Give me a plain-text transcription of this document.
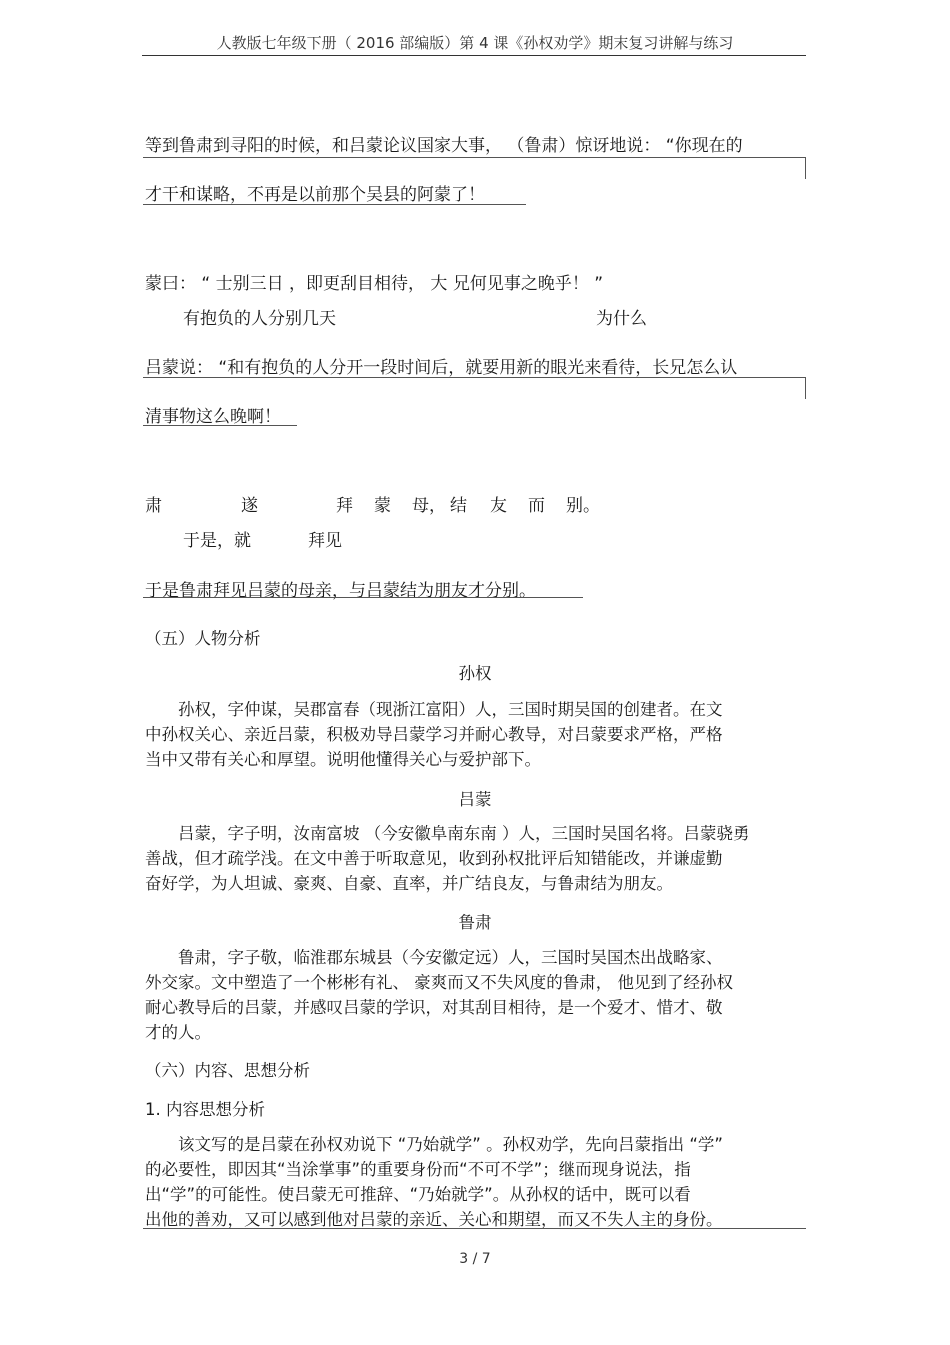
人教版七年级下册（ 2016 部编版）第 4 课《孙权劝学》期末复习讲解与练习
等到鲁肃到寻阳的时候，和吕蒙论议国家大事， （鲁肃）惊讶地说： “你现在的
才干和谋略，不再是以前那个吴县的阿蒙了！
蒙曰： “ 士别三日 ，即更刮目相待， 大 兄何见事之晚乎！ ”
有抱负的人分别几天	为什么
吕蒙说： “和有抱负的人分开一段时间后，就要用新的眼光来看待，长兄怎么认
清事物这么晚啊！
肃	遂	拜 蒙 母， 结 友 而 别。
于是，就	拜见
于是鲁肃拜见吕蒙的母亲，与吕蒙结为朋友才分别。
（五）人物分析
孙权
孙权，字仲谋，吴郡富春（现浙江富阳）人，三国时期吴国的创建者。在文
中孙权关心、亲近吕蒙，积极劝导吕蒙学习并耐心教导，对吕蒙要求严格，严格
当中又带有关心和厚望。说明他懂得关心与爱护部下。
吕蒙
吕蒙，字子明，汝南富坡 （今安徽阜南东南 ）人，三国时吴国名将。吕蒙骁勇
善战，但才疏学浅。在文中善于听取意见，收到孙权批评后知错能改，并谦虚勤
奋好学，为人坦诚、豪爽、自豪、直率，并广结良友，与鲁肃结为朋友。
鲁肃
鲁肃，字子敬，临淮郡东城县（今安徽定远）人，三国时吴国杰出战略家、
外交家。文中塑造了一个彬彬有礼、 豪爽而又不失风度的鲁肃， 他见到了经孙权
耐心教导后的吕蒙，并感叹吕蒙的学识，对其刮目相待，是一个爱才、惜才、敬
才的人。
（六）内容、思想分析
1. 内容思想分析
该文写的是吕蒙在孙权劝说下 “乃始就学” 。孙权劝学，先向吕蒙指出 “学”
的必要性，即因其“当涂掌事”的重要身份而“不可不学”；继而现身说法，指
出“学”的可能性。使吕蒙无可推辞、“乃始就学”。从孙权的话中，既可以看
出他的善劝，又可以感到他对吕蒙的亲近、关心和期望，而又不失人主的身份。
3 / 7
